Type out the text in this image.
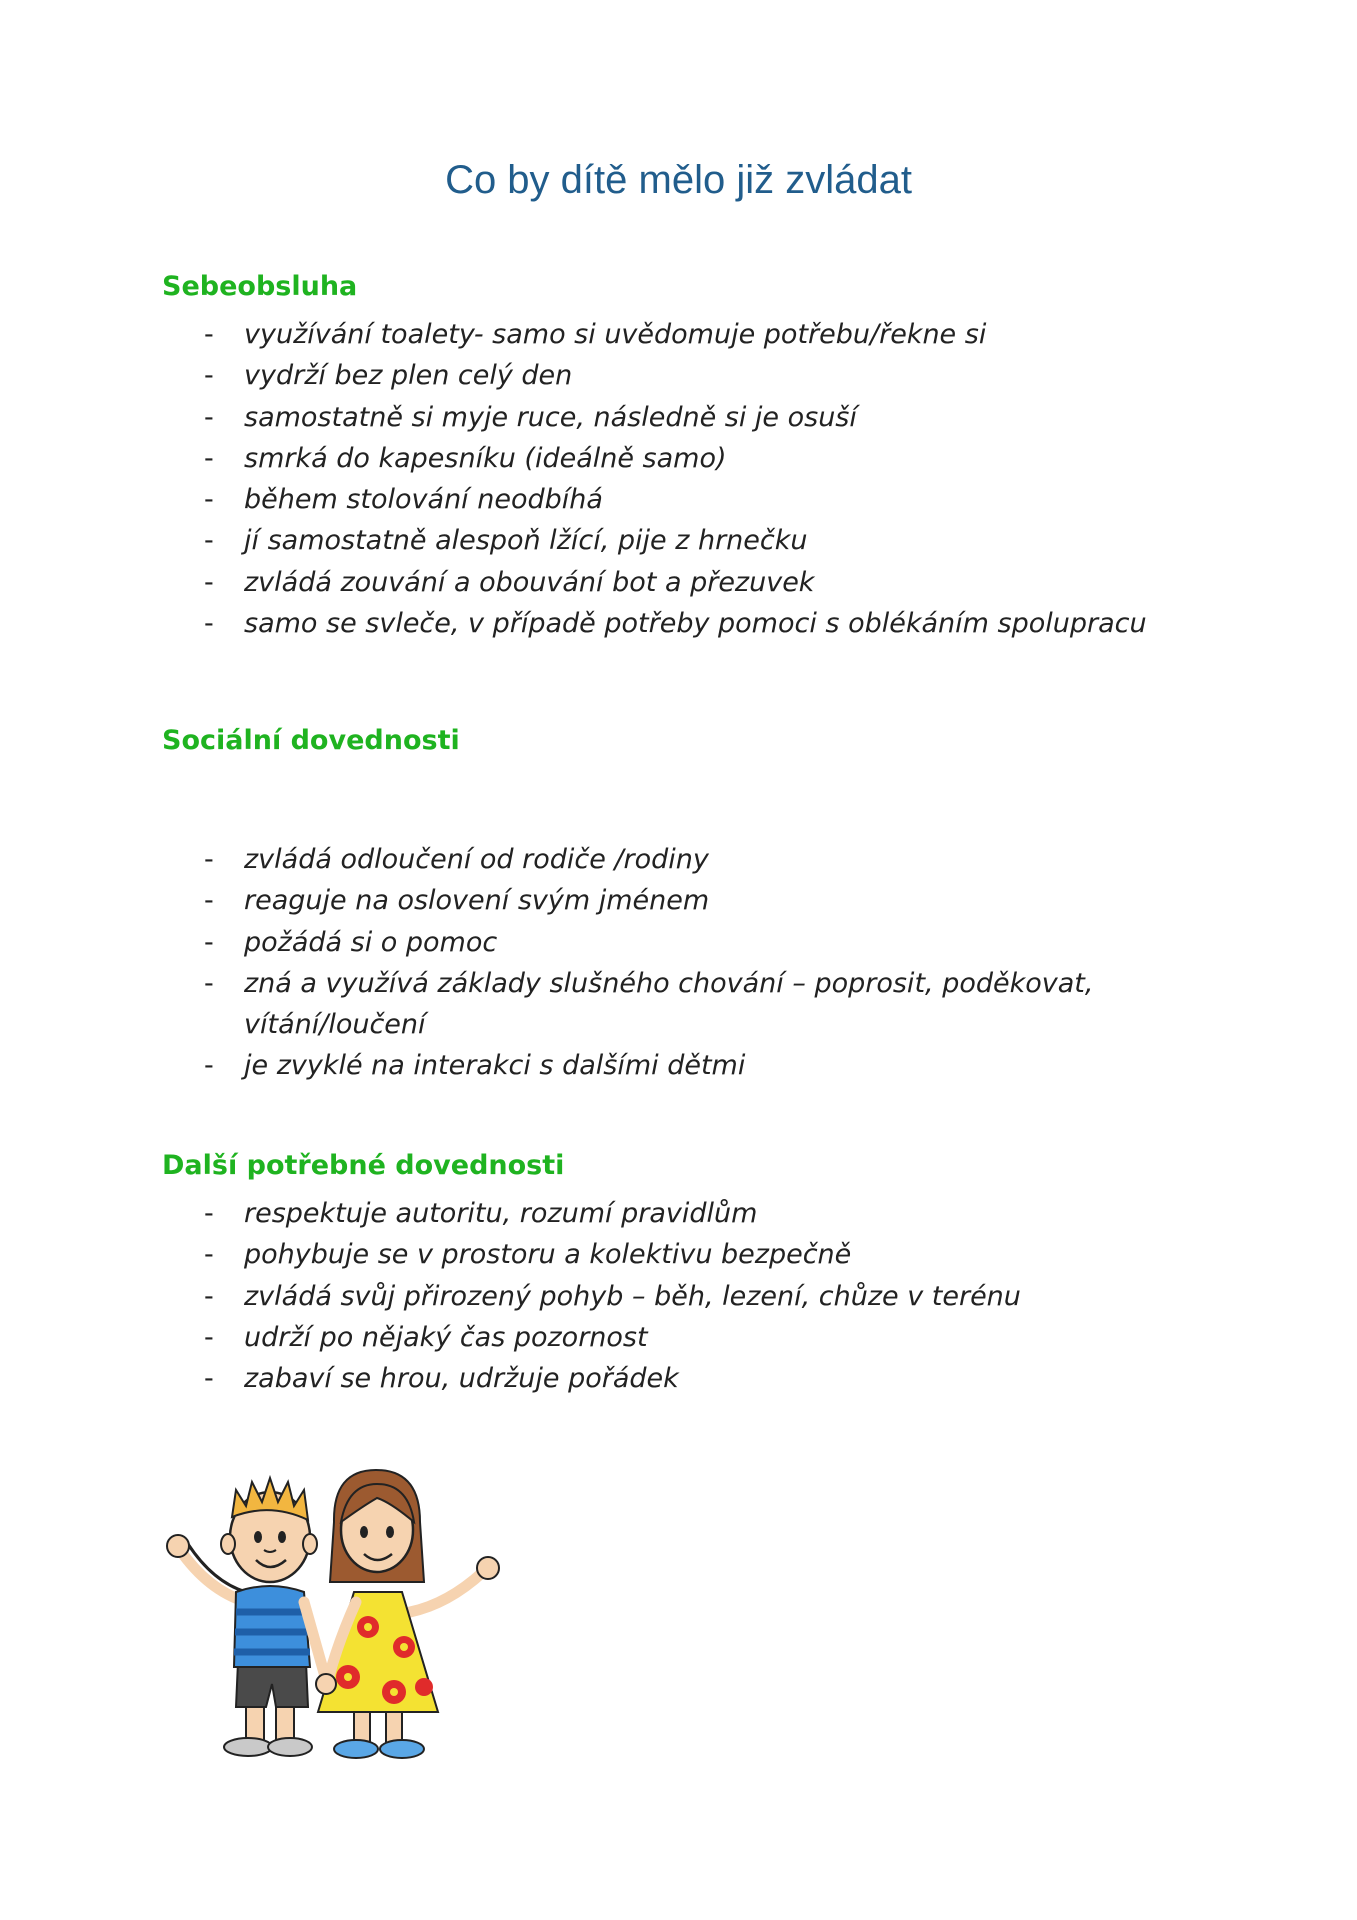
Co by dítě mělo již zvládat
Sebeobsluha
- využívání toalety- samo si uvědomuje potřebu/řekne si
- vydrží bez plen celý den
- samostatně si myje ruce, následně si je osuší
- smrká do kapesníku (ideálně samo)
- během stolování neodbíhá
- jí samostatně alespoň lžící, pije z hrnečku
- zvládá zouvání a obouvání bot a přezuvek
- samo se svleče, v případě potřeby pomoci s oblékáním spolupracu
Sociální dovednosti
- zvládá odloučení od rodiče /rodiny
- reaguje na oslovení svým jménem
- požádá si o pomoc
- zná a využívá základy slušného chování – poprosit, poděkovat, vítání/loučení
- je zvyklé na interakci s dalšími dětmi
Další potřebné dovednosti
- respektuje autoritu, rozumí pravidlům
- pohybuje se v prostoru a kolektivu bezpečně
- zvládá svůj přirozený pohyb – běh, lezení, chůze v terénu
- udrží po nějaký čas pozornost
- zabaví se hrou, udržuje pořádek
